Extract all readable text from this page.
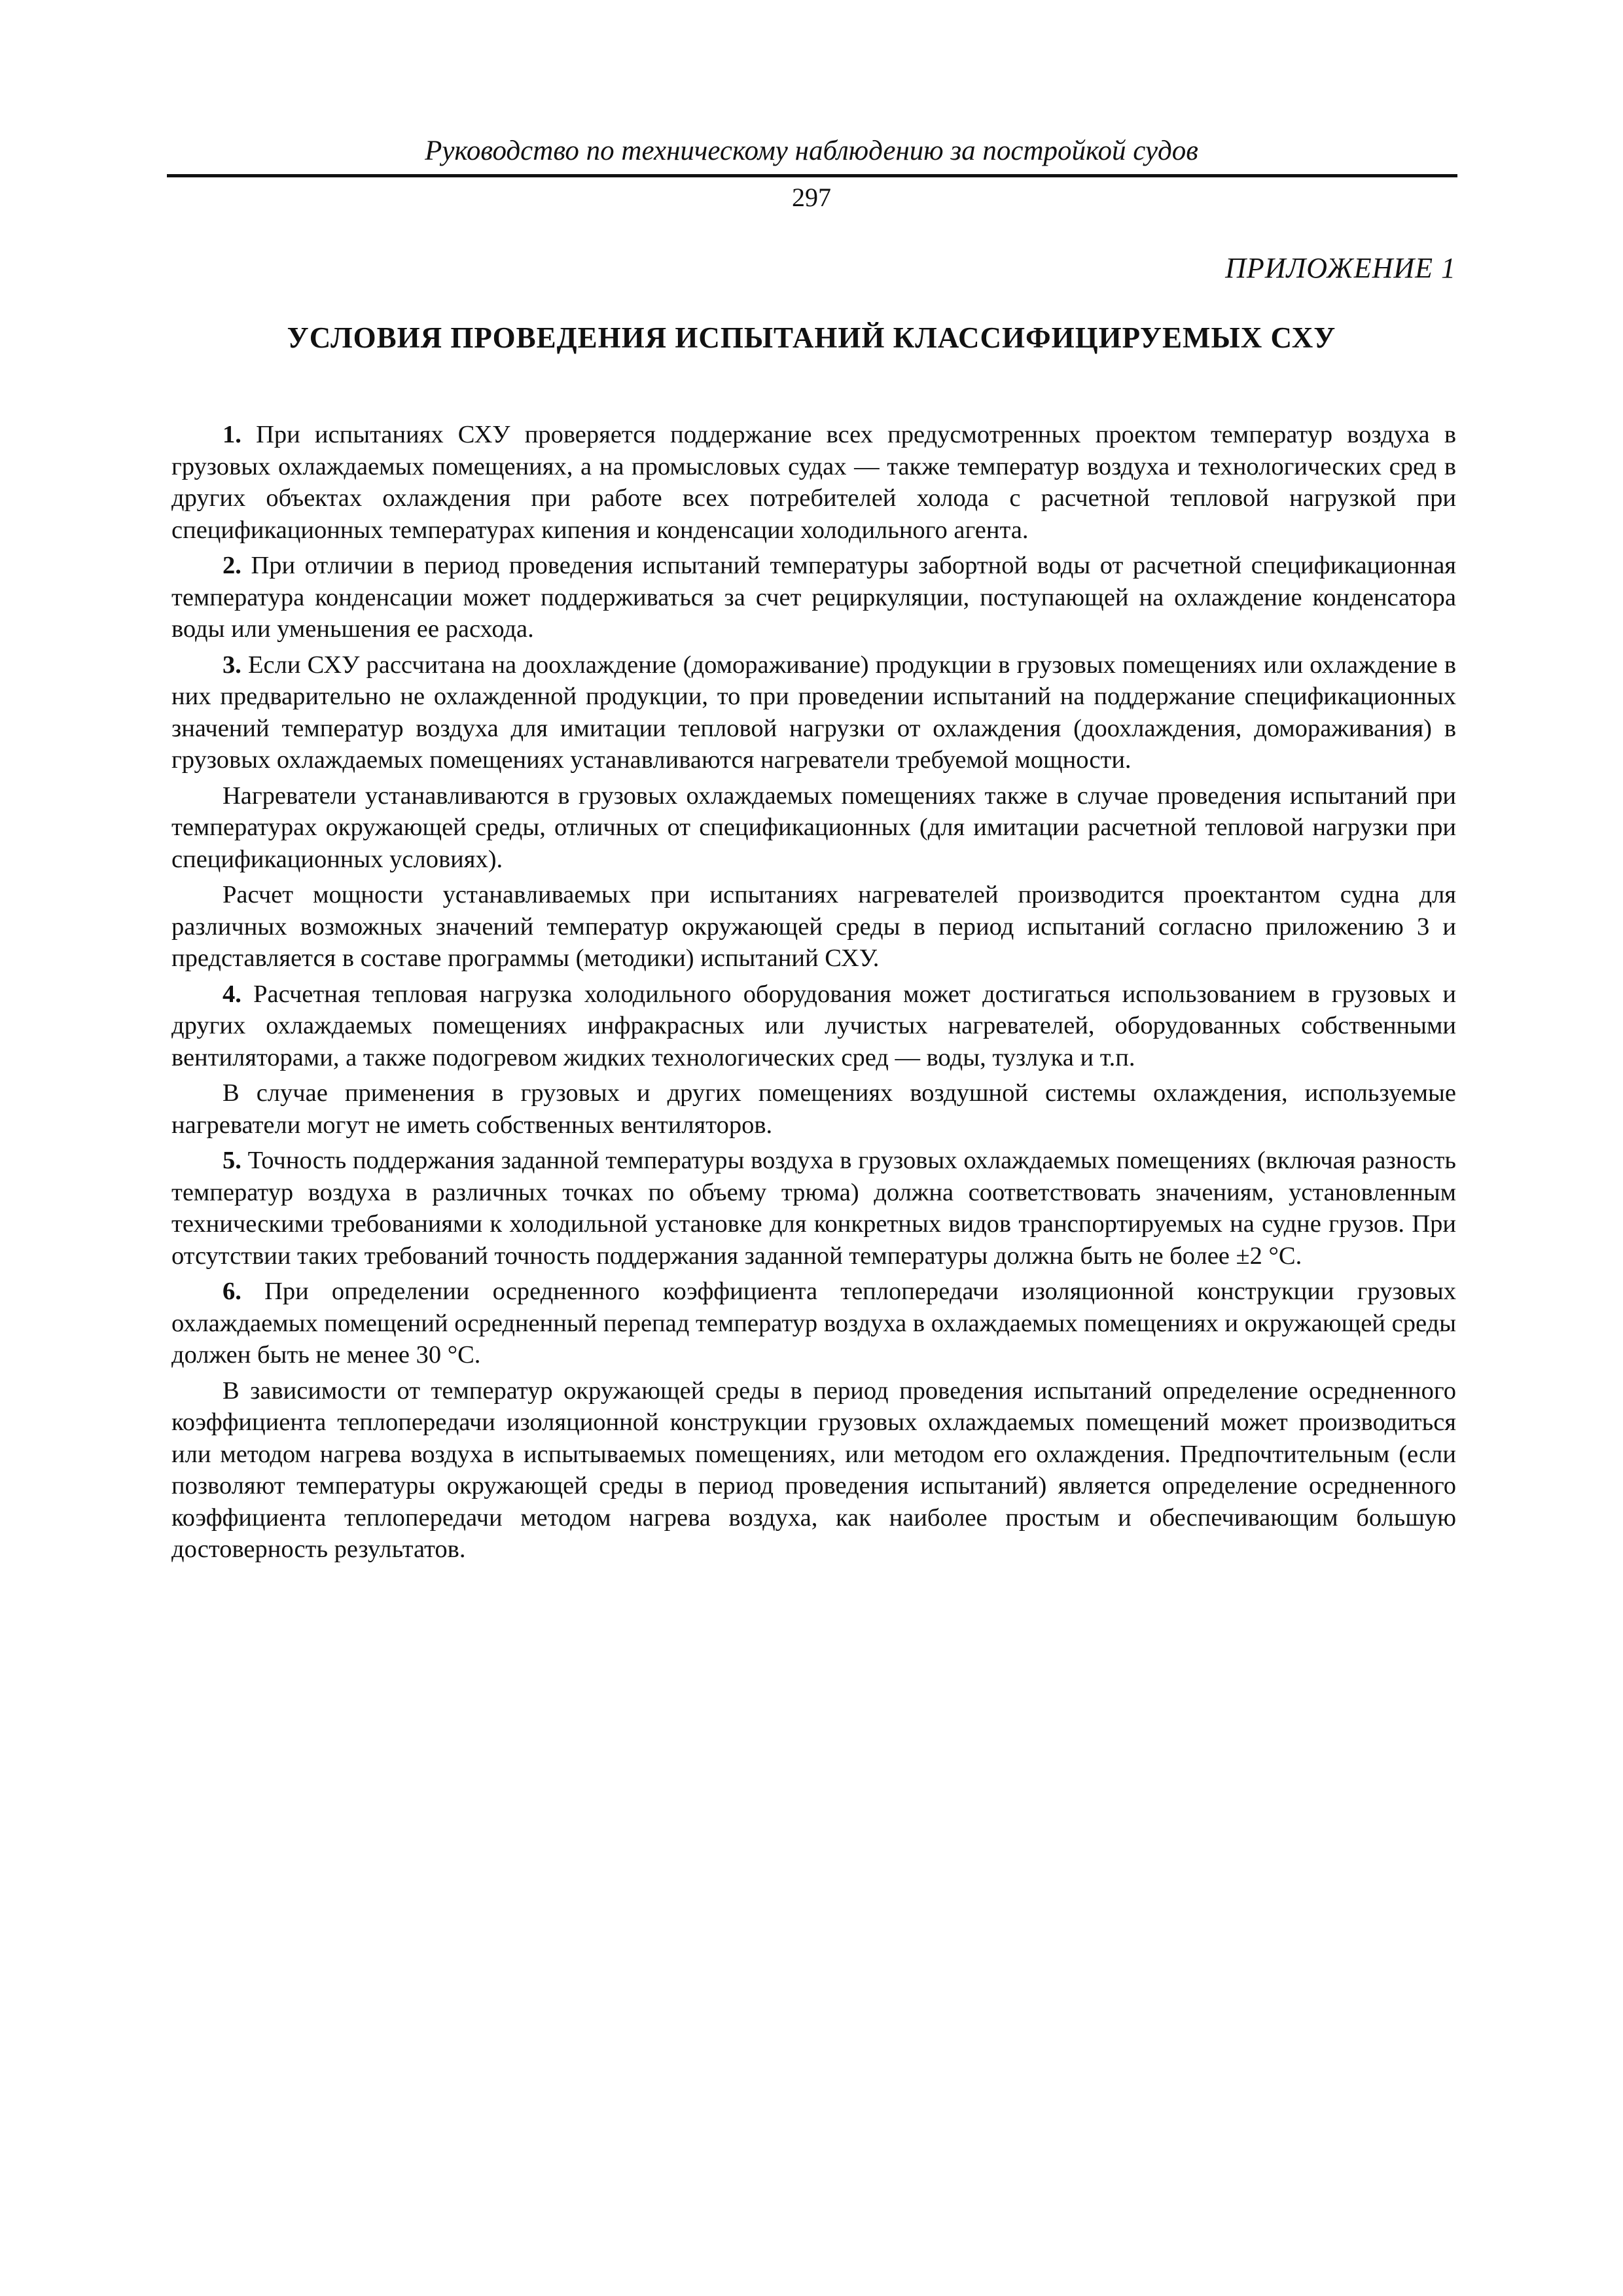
Руководство по техническому наблюдению за постройкой судов
297
ПРИЛОЖЕНИЕ 1
УСЛОВИЯ ПРОВЕДЕНИЯ ИСПЫТАНИЙ КЛАССИФИЦИРУЕМЫХ СХУ

1. При испытаниях СХУ проверяется поддержание всех предусмотренных проектом температур воздуха в грузовых охлаждаемых помещениях, а на промысловых судах — также температур воздуха и технологических сред в других объектах охлаждения при работе всех потребителей холода с расчетной тепловой нагрузкой при спецификационных температурах кипения и конденсации холодильного агента.

2. При отличии в период проведения испытаний температуры забортной воды от расчетной спецификационная температура конденсации может поддерживаться за счет рециркуляции, поступающей на охлаждение конденсатора воды или уменьшения ее расхода.

3. Если СХУ рассчитана на доохлаждение (домораживание) продукции в грузовых помещениях или охлаждение в них предварительно не охлажденной продукции, то при проведении испытаний на поддержание спецификационных значений температур воздуха для имитации тепловой нагрузки от охлаждения (доохлаждения, домораживания) в грузовых охлаждаемых помещениях устанавливаются нагреватели требуемой мощности.

Нагреватели устанавливаются в грузовых охлаждаемых помещениях также в случае проведения испытаний при температурах окружающей среды, отличных от спецификационных (для имитации расчетной тепловой нагрузки при спецификационных условиях).

Расчет мощности устанавливаемых при испытаниях нагревателей производится проектантом судна для различных возможных значений температур окружающей среды в период испытаний согласно приложению 3 и представляется в составе программы (методики) испытаний СХУ.

4. Расчетная тепловая нагрузка холодильного оборудования может достигаться использованием в грузовых и других охлаждаемых помещениях инфракрасных или лучистых нагревателей, оборудованных собственными вентиляторами, а также подогревом жидких технологических сред — воды, тузлука и т.п.

В случае применения в грузовых и других помещениях воздушной системы охлаждения, используемые нагреватели могут не иметь собственных вентиляторов.

5. Точность поддержания заданной температуры воздуха в грузовых охлаждаемых помещениях (включая разность температур воздуха в различных точках по объему трюма) должна соответствовать значениям, установленным техническими требованиями к холодильной установке для конкретных видов транспортируемых на судне грузов. При отсутствии таких требований точность поддержания заданной температуры должна быть не более ±2 °С.

6. При определении осредненного коэффициента теплопередачи изоляционной конструкции грузовых охлаждаемых помещений осредненный перепад температур воздуха в охлаждаемых помещениях и окружающей среды должен быть не менее 30 °С.

В зависимости от температур окружающей среды в период проведения испытаний определение осредненного коэффициента теплопередачи изоляционной конструкции грузовых охлаждаемых помещений может производиться или методом нагрева воздуха в испытываемых помещениях, или методом его охлаждения. Предпочтительным (если позволяют температуры окружающей среды в период проведения испытаний) является определение осредненного коэффициента теплопередачи методом нагрева воздуха, как наиболее простым и обеспечивающим большую достоверность результатов.
